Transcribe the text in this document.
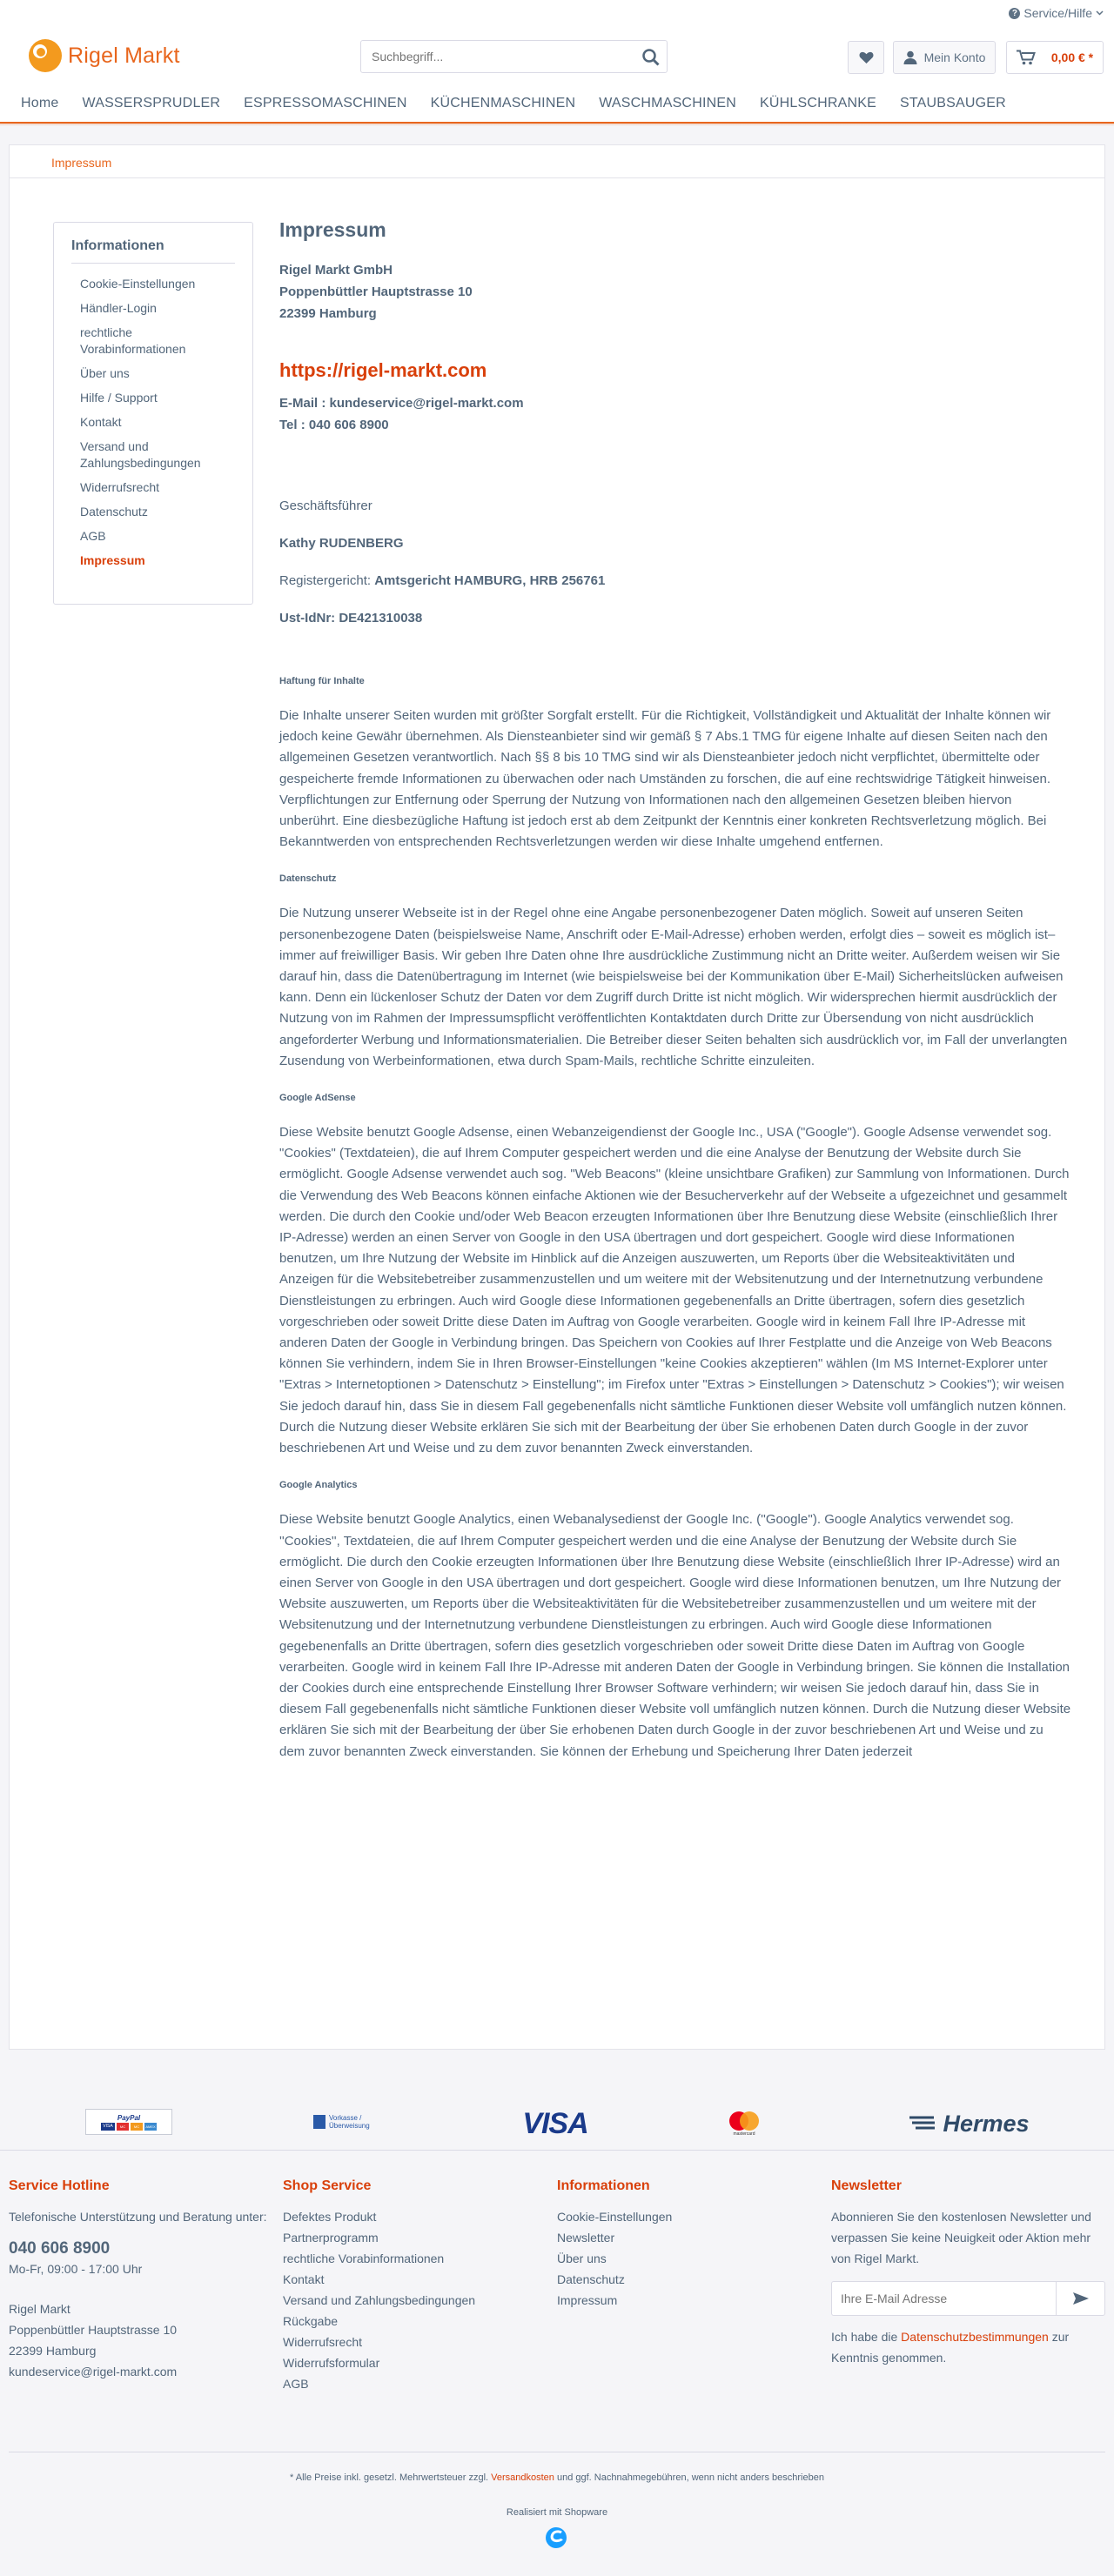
? Service/Hilfe
Rigel Markt
Suchbegriff...	Mein Konto	0,00 € *
Home	WASSERSPRUDLER	ESPRESSOMASCHINEN	KÜCHENMASCHINEN	WASCHMASCHINEN	KÜHLSCHRANKE	STAUBSAUGER
Impressum
Informationen
Cookie-Einstellungen
Händler-Login
rechtliche Vorabinformationen
Über uns
Hilfe / Support
Kontakt
Versand und Zahlungsbedingungen
Widerrufsrecht
Datenschutz
AGB
Impressum
Impressum
Rigel Markt GmbH
Poppenbüttler Hauptstrasse 10
22399 Hamburg
https://rigel-markt.com
E-Mail : kundeservice@rigel-markt.com
Tel : 040 606 8900
Geschäftsführer
Kathy RUDENBERG
Registergericht: Amtsgericht HAMBURG, HRB 256761
Ust-IdNr: DE421310038
Haftung für Inhalte

Die Inhalte unserer Seiten wurden mit größter Sorgfalt erstellt. Für die Richtigkeit, Vollständigkeit und Aktualität der Inhalte können wir jedoch keine Gewähr übernehmen. Als Diensteanbieter sind wir gemäß § 7 Abs.1 TMG für eigene Inhalte auf diesen Seiten nach den allgemeinen Gesetzen verantwortlich. Nach §§ 8 bis 10 TMG sind wir als Diensteanbieter jedoch nicht verpflichtet, übermittelte oder gespeicherte fremde Informationen zu überwachen oder nach Umständen zu forschen, die auf eine rechtswidrige Tätigkeit hinweisen. Verpflichtungen zur Entfernung oder Sperrung der Nutzung von Informationen nach den allgemeinen Gesetzen bleiben hiervon unberührt. Eine diesbezügliche Haftung ist jedoch erst ab dem Zeitpunkt der Kenntnis einer konkreten Rechtsverletzung möglich. Bei Bekanntwerden von entsprechenden Rechtsverletzungen werden wir diese Inhalte umgehend entfernen.

Datenschutz

Die Nutzung unserer Webseite ist in der Regel ohne eine Angabe personenbezogener Daten möglich. Soweit auf unseren Seiten personenbezogene Daten (beispielsweise Name, Anschrift oder E-Mail-Adresse) erhoben werden, erfolgt dies – soweit es möglich ist– immer auf freiwilliger Basis. Wir geben Ihre Daten ohne Ihre ausdrückliche Zustimmung nicht an Dritte weiter. Außerdem weisen wir Sie darauf hin, dass die Datenübertragung im Internet (wie beispielsweise bei der Kommunikation über E-Mail) Sicherheitslücken aufweisen kann. Denn ein lückenloser Schutz der Daten vor dem Zugriff durch Dritte ist nicht möglich. Wir widersprechen hiermit ausdrücklich der Nutzung von im Rahmen der Impressumspflicht veröffentlichten Kontaktdaten durch Dritte zur Übersendung von nicht ausdrücklich angeforderter Werbung und Informationsmaterialien. Die Betreiber dieser Seiten behalten sich ausdrücklich vor, im Fall der unverlangten Zusendung von Werbeinformationen, etwa durch Spam-Mails, rechtliche Schritte einzuleiten.

Google AdSense

Diese Website benutzt Google Adsense, einen Webanzeigendienst der Google Inc., USA ("Google"). Google Adsense verwendet sog. "Cookies" (Textdateien), die auf Ihrem Computer gespeichert werden und die eine Analyse der Benutzung der Website durch Sie ermöglicht. Google Adsense verwendet auch sog. "Web Beacons" (kleine unsichtbare Grafiken) zur Sammlung von Informationen. Durch die Verwendung des Web Beacons können einfache Aktionen wie der Besucherverkehr auf der Webseite a ufgezeichnet und gesammelt werden. Die durch den Cookie und/oder Web Beacon erzeugten Informationen über Ihre Benutzung diese Website (einschließlich Ihrer IP-Adresse) werden an einen Server von Google in den USA übertragen und dort gespeichert. Google wird diese Informationen benutzen, um Ihre Nutzung der Website im Hinblick auf die Anzeigen auszuwerten, um Reports über die Websiteaktivitäten und Anzeigen für die Websitebetreiber zusammenzustellen und um weitere mit der Websitenutzung und der Internetnutzung verbundene Dienstleistungen zu erbringen. Auch wird Google diese Informationen gegebenenfalls an Dritte übertragen, sofern dies gesetzlich vorgeschrieben oder soweit Dritte diese Daten im Auftrag von Google verarbeiten. Google wird in keinem Fall Ihre IP-Adresse mit anderen Daten der Google in Verbindung bringen. Das Speichern von Cookies auf Ihrer Festplatte und die Anzeige von Web Beacons können Sie verhindern, indem Sie in Ihren Browser-Einstellungen "keine Cookies akzeptieren" wählen (Im MS Internet-Explorer unter "Extras > Internetoptionen > Datenschutz > Einstellung"; im Firefox unter "Extras > Einstellungen > Datenschutz > Cookies"); wir weisen Sie jedoch darauf hin, dass Sie in diesem Fall gegebenenfalls nicht sämtliche Funktionen dieser Website voll umfänglich nutzen können. Durch die Nutzung dieser Website erklären Sie sich mit der Bearbeitung der über Sie erhobenen Daten durch Google in der zuvor beschriebenen Art und Weise und zu dem zuvor benannten Zweck einverstanden.

Google Analytics

Diese Website benutzt Google Analytics, einen Webanalysedienst der Google Inc. (''Google''). Google Analytics verwendet sog. ''Cookies'', Textdateien, die auf Ihrem Computer gespeichert werden und die eine Analyse der Benutzung der Website durch Sie ermöglicht. Die durch den Cookie erzeugten Informationen über Ihre Benutzung diese Website (einschließlich Ihrer IP-Adresse) wird an einen Server von Google in den USA übertragen und dort gespeichert. Google wird diese Informationen benutzen, um Ihre Nutzung der Website auszuwerten, um Reports über die Websiteaktivitäten für die Websitebetreiber zusammenzustellen und um weitere mit der Websitenutzung und der Internetnutzung verbundene Dienstleistungen zu erbringen. Auch wird Google diese Informationen gegebenenfalls an Dritte übertragen, sofern dies gesetzlich vorgeschrieben oder soweit Dritte diese Daten im Auftrag von Google verarbeiten. Google wird in keinem Fall Ihre IP-Adresse mit anderen Daten der Google in Verbindung bringen. Sie können die Installation der Cookies durch eine entsprechende Einstellung Ihrer Browser Software verhindern; wir weisen Sie jedoch darauf hin, dass Sie in diesem Fall gegebenenfalls nicht sämtliche Funktionen dieser Website voll umfänglich nutzen können. Durch die Nutzung dieser Website erklären Sie sich mit der Bearbeitung der über Sie erhobenen Daten durch Google in der zuvor beschriebenen Art und Weise und zu dem zuvor benannten Zweck einverstanden. Sie können der Erhebung und Speicherung Ihrer Daten jederzeit

PayPal
VISA	MC	MC	AMEX
Vorkasse / Überweisung	VISA	mastercard	Hermes
Service Hotline
Telefonische Unterstützung und Beratung unter:
040 606 8900
Mo-Fr, 09:00 - 17:00 Uhr
Rigel Markt
Poppenbüttler Hauptstrasse 10
22399 Hamburg
kundeservice@rigel-markt.com
Shop Service
Defektes Produkt
Partnerprogramm
rechtliche Vorabinformationen
Kontakt
Versand und Zahlungsbedingungen
Rückgabe
Widerrufsrecht
Widerrufsformular
AGB
Informationen
Cookie-Einstellungen
Newsletter
Über uns
Datenschutz
Impressum
Newsletter
Abonnieren Sie den kostenlosen Newsletter und verpassen Sie keine Neuigkeit oder Aktion mehr von Rigel Markt.
Ihre E-Mail Adresse
Ich habe die Datenschutzbestimmungen zur Kenntnis genommen.
* Alle Preise inkl. gesetzl. Mehrwertsteuer zzgl. Versandkosten und ggf. Nachnahmegebühren, wenn nicht anders beschrieben
Realisiert mit Shopware
